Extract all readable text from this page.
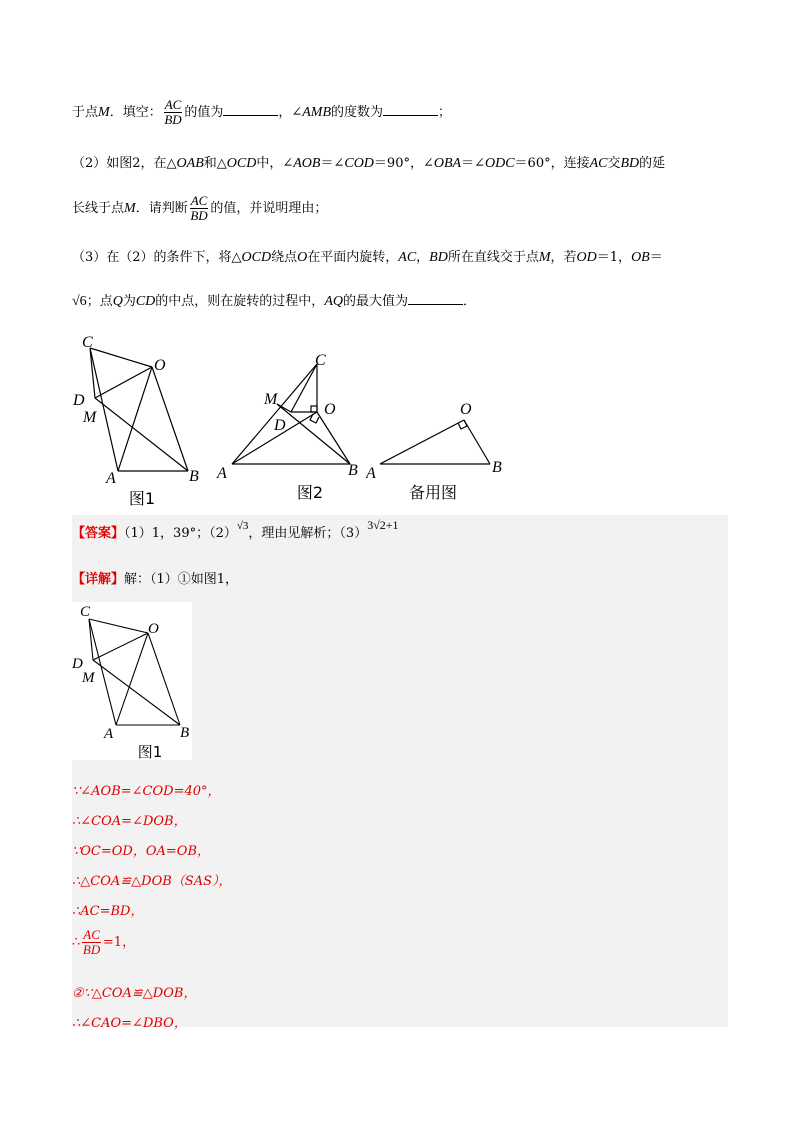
于点M．填空： $\frac{AC}{BD}$ 的值为	，∠AMB的度数为	；
（2）如图2，在△OAB和△OCD中，∠AOB＝∠COD＝90°，∠OBA＝∠ODC＝60°，连接AC交BD的延
长线于点M．请判断 $\frac{AC}{BD}$ 的值，并说明理由；
（3）在（2）的条件下，将△OCD绕点O在平面内旋转，AC，BD所在直线交于点M，若OD＝1，OB＝
√6；点Q为CD的中点，则在旋转的过程中，AQ的最大值为	．
C
O
D
M
A	B
图1
C
M
O
D
A	B
图2
O
A	B
备用图
【答案】（1）1，39°；$(2)^{√3}$，理由见解析；（3）3√2+1
【详解】解：（1）①如图1，
C
O
D
M
A	B
图1
∵∠AOB=∠COD=40°，
∴∠COA=∠DOB，
∵OC=OD，OA=OB，
∴△COA≌△DOB（SAS），
∴AC=BD，
∴ $\frac{AC}{BD} =1$，
②∵△COA≌△DOB，
∴∠CAO=∠DBO，
